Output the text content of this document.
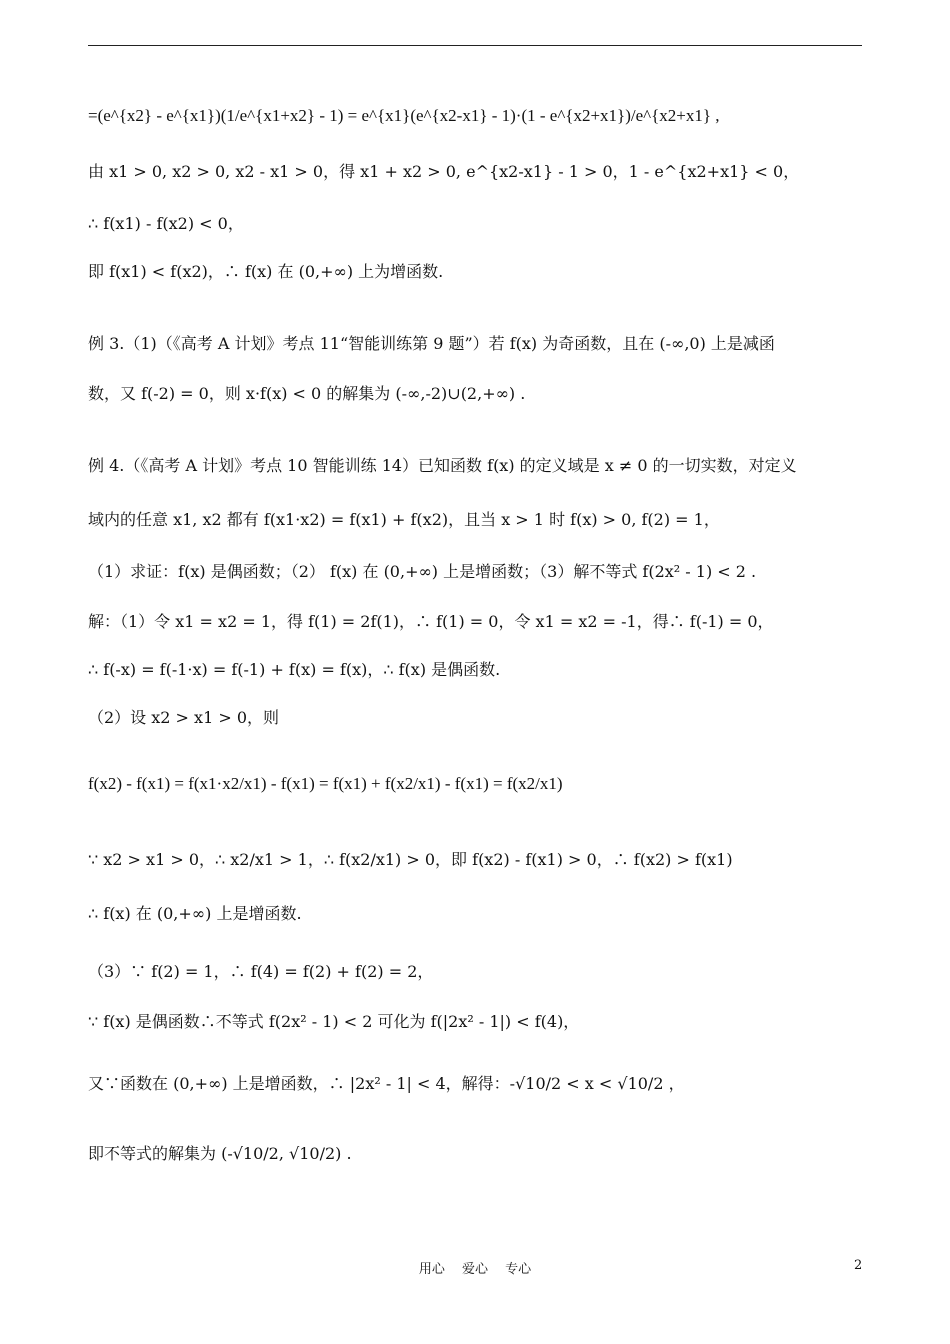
=(e^{x2} - e^{x1})(1/e^{x1+x2} - 1) = e^{x1}(e^{x2-x1} - 1)·(1 - e^{x2+x1})/e^{x2+x1} ,
由 x1 > 0, x2 > 0, x2 - x1 > 0，得 x1 + x2 > 0, e^{x2-x1} - 1 > 0，1 - e^{x2+x1} < 0，
∴ f(x1) - f(x2) < 0，
即 f(x1) < f(x2)，∴ f(x) 在 (0,+∞) 上为增函数.
例 3.（1)（《高考 A 计划》考点 11“智能训练第 9 题”）若 f(x) 为奇函数，且在 (-∞,0) 上是减函
数，又 f(-2) = 0，则 x·f(x) < 0 的解集为 (-∞,-2)∪(2,+∞) .
例 4.（《高考 A 计划》考点 10 智能训练 14）已知函数 f(x) 的定义域是 x ≠ 0 的一切实数，对定义
域内的任意 x1, x2 都有 f(x1·x2) = f(x1) + f(x2)，且当 x > 1 时 f(x) > 0, f(2) = 1，
（1）求证：f(x) 是偶函数；（2） f(x) 在 (0,+∞) 上是增函数；（3）解不等式 f(2x² - 1) < 2 .
解：（1）令 x1 = x2 = 1，得 f(1) = 2f(1)，∴ f(1) = 0，令 x1 = x2 = -1，得∴ f(-1) = 0，
∴ f(-x) = f(-1·x) = f(-1) + f(x) = f(x)，∴ f(x) 是偶函数.
（2）设 x2 > x1 > 0，则
f(x2) - f(x1) = f(x1·x2/x1) - f(x1) = f(x1) + f(x2/x1) - f(x1) = f(x2/x1)
∵ x2 > x1 > 0，∴ x2/x1 > 1，∴ f(x2/x1) > 0，即 f(x2) - f(x1) > 0，∴ f(x2) > f(x1)
∴ f(x) 在 (0,+∞) 上是增函数.
（3）∵ f(2) = 1，∴ f(4) = f(2) + f(2) = 2，
∵ f(x) 是偶函数∴不等式 f(2x² - 1) < 2 可化为 f(|2x² - 1|) < f(4)，
又∵函数在 (0,+∞) 上是增函数，∴ |2x² - 1| < 4，解得：-√10/2 < x < √10/2 ，
即不等式的解集为 (-√10/2, √10/2) .
用心　 爱心　 专心	2
